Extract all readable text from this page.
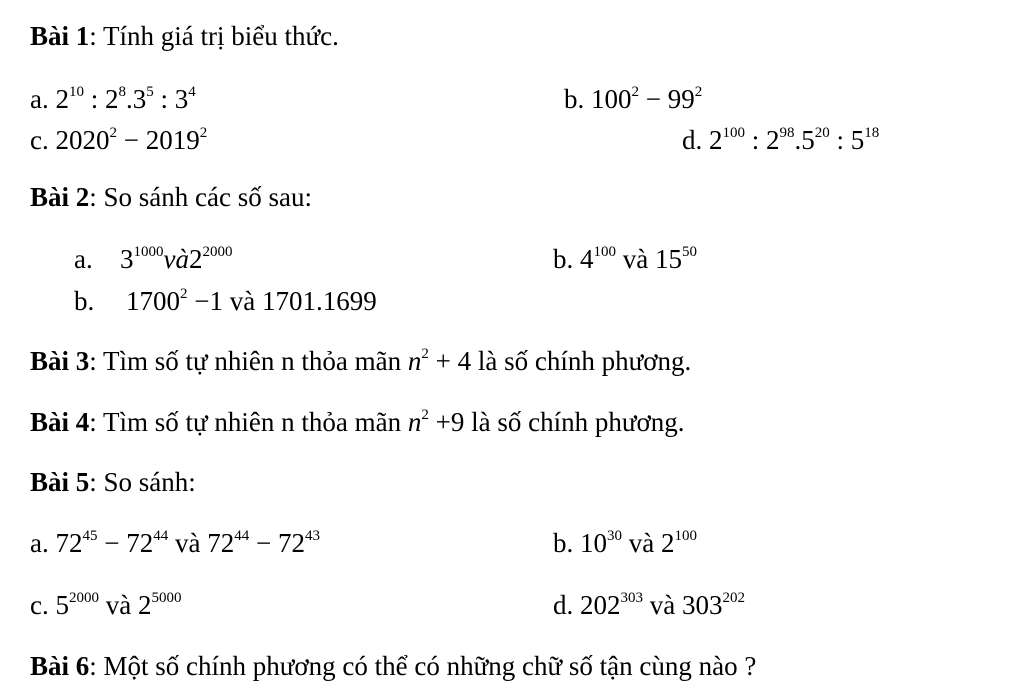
Bài 1: Tính giá trị biểu thức.
a. $2^{10}$ : $2^8.3^5$ : $3^4$	b. $100^2 - 99^2$
c. $2020^2 - 2019^2$	d. $2^{100}$ : $2^{98}.5^{20}$ : $5^{18}$
Bài 2: So sánh các số sau:
a. $3^{1000}và2^{2000}$	b. $4^{100}$ và $15^{50}$
b. $1700^2 -1$ và 1701.1699
Bài 3: Tìm số tự nhiên n thỏa mãn $n^2 + 4$ là số chính phương.
Bài 4: Tìm số tự nhiên n thỏa mãn $n^2 +9$ là số chính phương.
Bài 5: So sánh:
a. $72^{45} - 72^{44}$ và $72^{44} - 72^{43}$	b. $10^{30}$ và $2^{100}$
c. $5^{2000}$ và $2^{5000}$	d. $202^{303}$ và $303^{202}$
Bài 6: Một số chính phương có thể có những chữ số tận cùng nào ?
